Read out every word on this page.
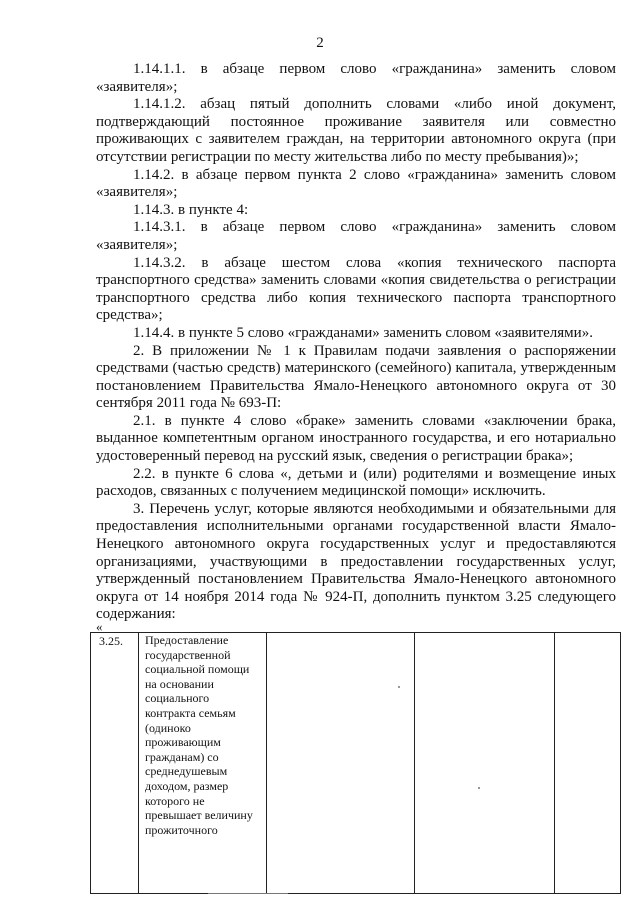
2

1.14.1.1. в абзаце первом слово «гражданина» заменить словом «заявителя»;

1.14.1.2. абзац пятый дополнить словами «либо иной документ, подтверждающий постоянное проживание заявителя или совместно проживающих с заявителем граждан, на территории автономного округа (при отсутствии регистрации по месту жительства либо по месту пребывания)»;

1.14.2. в абзаце первом пункта 2 слово «гражданина» заменить словом «заявителя»;

1.14.3. в пункте 4:

1.14.3.1. в абзаце первом слово «гражданина» заменить словом «заявителя»;

1.14.3.2. в абзаце шестом слова «копия технического паспорта транспортного средства» заменить словами «копия свидетельства о регистрации транспортного средства либо копия технического паспорта транспортного средства»;

1.14.4. в пункте 5 слово «гражданами» заменить словом «заявителями».

2. В приложении № 1 к Правилам подачи заявления о распоряжении средствами (частью средств) материнского (семейного) капитала, утвержденным постановлением Правительства Ямало-Ненецкого автономного округа от 30 сентября 2011 года № 693-П:

2.1. в пункте 4 слово «браке» заменить словами «заключении брака, выданное компетентным органом иностранного государства, и его нотариально удостоверенный перевод на русский язык, сведения о регистрации брака»;

2.2. в пункте 6 слова «, детьми и (или) родителями и возмещение иных расходов, связанных с получением медицинской помощи» исключить.

3. Перечень услуг, которые являются необходимыми и обязательными для предоставления исполнительными органами государственной власти Ямало-Ненецкого автономного округа государственных услуг и предоставляются организациями, участвующими в предоставлении государственных услуг, утвержденный постановлением Правительства Ямало-Ненецкого автономного округа от 14 ноября 2014 года № 924-П, дополнить пунктом 3.25 следующего содержания:

«
3.25.	Предоставление
государственной
социальной помощи
на основании
социального
контракта семьям
(одиноко
проживающим
гражданам) со
среднедушевым
доходом, размер
которого не
превышает величину
прожиточного
